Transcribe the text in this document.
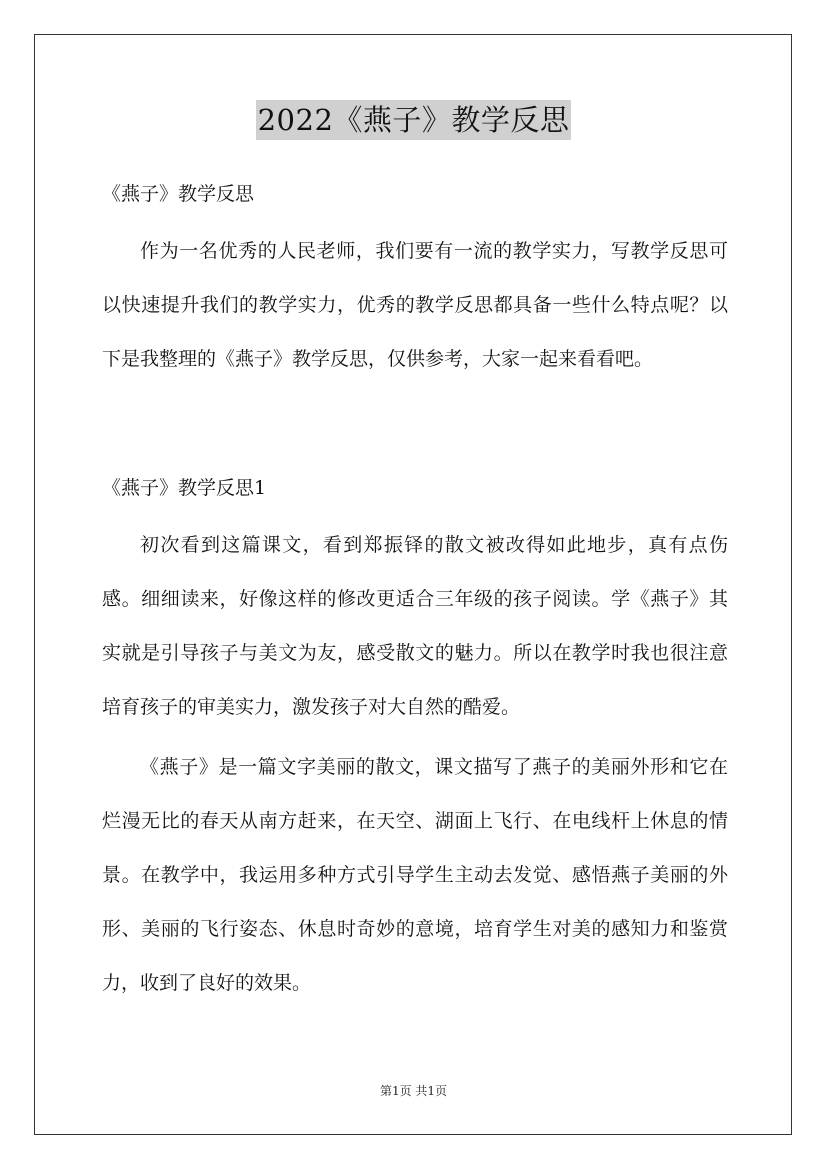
2022《燕子》教学反思

《燕子》教学反思

作为一名优秀的人民老师，我们要有一流的教学实力，写教学反思可以快速提升我们的教学实力，优秀的教学反思都具备一些什么特点呢？以下是我整理的《燕子》教学反思，仅供参考，大家一起来看看吧。

《燕子》教学反思1

初次看到这篇课文，看到郑振铎的散文被改得如此地步，真有点伤感。细细读来，好像这样的修改更适合三年级的孩子阅读。学《燕子》其实就是引导孩子与美文为友，感受散文的魅力。所以在教学时我也很注意培育孩子的审美实力，激发孩子对大自然的酷爱。

《燕子》是一篇文字美丽的散文，课文描写了燕子的美丽外形和它在烂漫无比的春天从南方赶来，在天空、湖面上飞行、在电线杆上休息的情景。在教学中，我运用多种方式引导学生主动去发觉、感悟燕子美丽的外形、美丽的飞行姿态、休息时奇妙的意境，培育学生对美的感知力和鉴赏力，收到了良好的效果。

第1页 共1页
